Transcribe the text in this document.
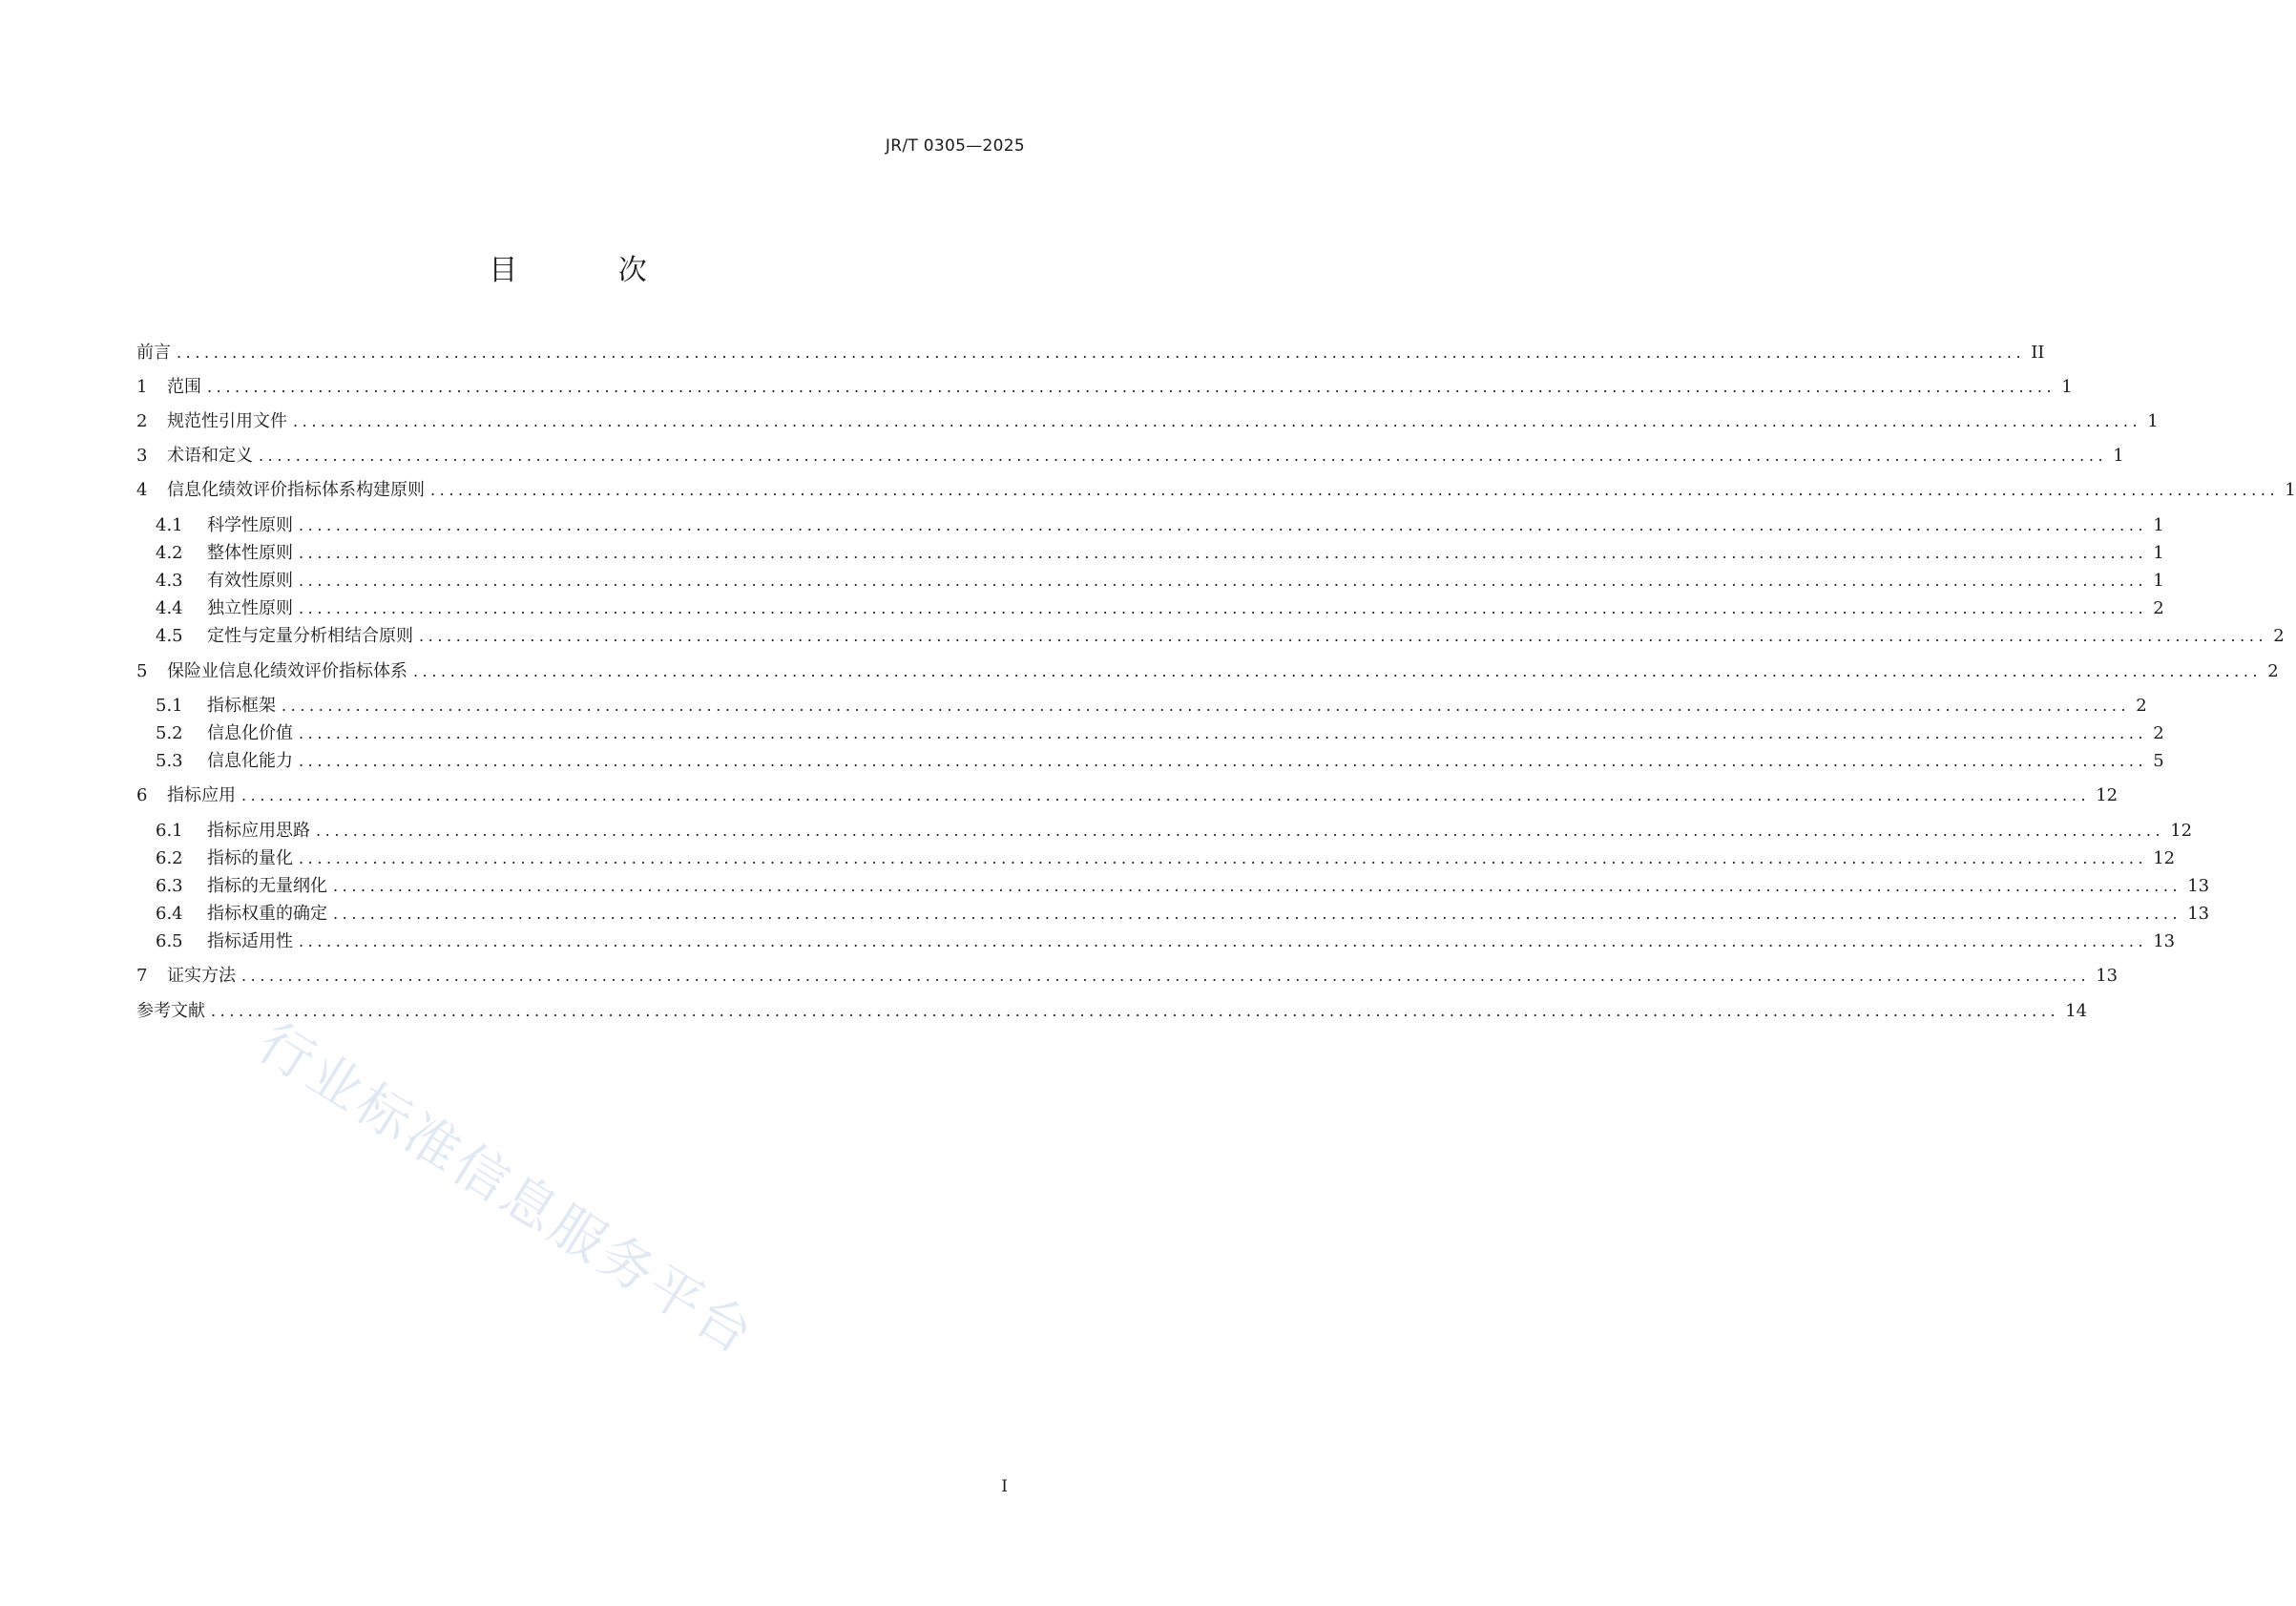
JR/T 0305—2025
目 次
前言 ........................................................................................................................................................................................................ II
1	范围 ........................................................................................................................................................................................................ 1
2	规范性引用文件 ........................................................................................................................................................................................................ 1
3	术语和定义 ........................................................................................................................................................................................................ 1
4	信息化绩效评价指标体系构建原则 ........................................................................................................................................................................................................ 1
4.1	科学性原则 ........................................................................................................................................................................................................ 1
4.2	整体性原则 ........................................................................................................................................................................................................ 1
4.3	有效性原则 ........................................................................................................................................................................................................ 1
4.4	独立性原则 ........................................................................................................................................................................................................ 2
4.5	定性与定量分析相结合原则 ........................................................................................................................................................................................................ 2
5	保险业信息化绩效评价指标体系 ........................................................................................................................................................................................................ 2
5.1	指标框架 ........................................................................................................................................................................................................ 2
5.2	信息化价值 ........................................................................................................................................................................................................ 2
5.3	信息化能力 ........................................................................................................................................................................................................ 5
6	指标应用 ........................................................................................................................................................................................................ 12
6.1	指标应用思路 ........................................................................................................................................................................................................ 12
6.2	指标的量化 ........................................................................................................................................................................................................ 12
6.3	指标的无量纲化 ........................................................................................................................................................................................................ 13
6.4	指标权重的确定 ........................................................................................................................................................................................................ 13
6.5	指标适用性 ........................................................................................................................................................................................................ 13
7	证实方法 ........................................................................................................................................................................................................ 13
参考文献 ........................................................................................................................................................................................................ 14
行业标准信息服务平台
I
